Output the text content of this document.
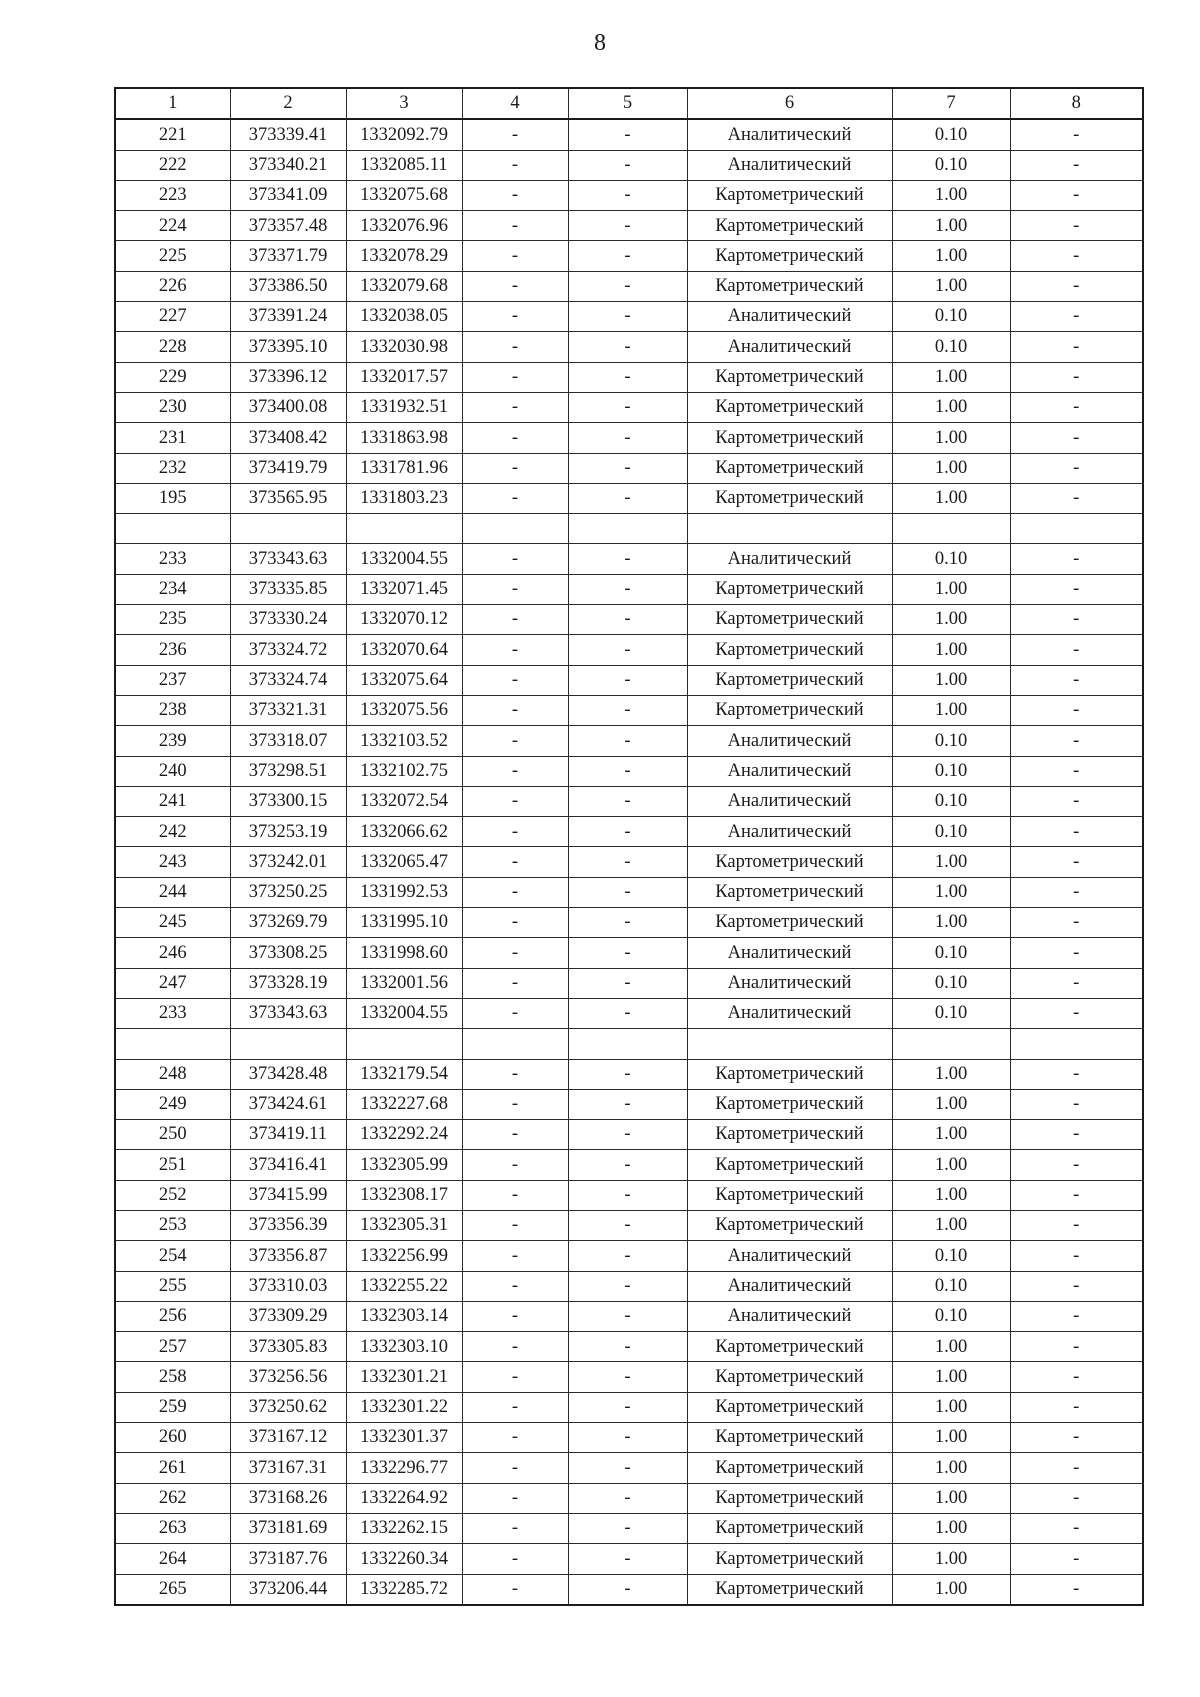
8
1	2	3	4	5	6	7	8
221	373339.41	1332092.79	-	-	Аналитический	0.10	-
222	373340.21	1332085.11	-	-	Аналитический	0.10	-
223	373341.09	1332075.68	-	-	Картометрический	1.00	-
224	373357.48	1332076.96	-	-	Картометрический	1.00	-
225	373371.79	1332078.29	-	-	Картометрический	1.00	-
226	373386.50	1332079.68	-	-	Картометрический	1.00	-
227	373391.24	1332038.05	-	-	Аналитический	0.10	-
228	373395.10	1332030.98	-	-	Аналитический	0.10	-
229	373396.12	1332017.57	-	-	Картометрический	1.00	-
230	373400.08	1331932.51	-	-	Картометрический	1.00	-
231	373408.42	1331863.98	-	-	Картометрический	1.00	-
232	373419.79	1331781.96	-	-	Картометрический	1.00	-
195	373565.95	1331803.23	-	-	Картометрический	1.00	-

233	373343.63	1332004.55	-	-	Аналитический	0.10	-
234	373335.85	1332071.45	-	-	Картометрический	1.00	-
235	373330.24	1332070.12	-	-	Картометрический	1.00	-
236	373324.72	1332070.64	-	-	Картометрический	1.00	-
237	373324.74	1332075.64	-	-	Картометрический	1.00	-
238	373321.31	1332075.56	-	-	Картометрический	1.00	-
239	373318.07	1332103.52	-	-	Аналитический	0.10	-
240	373298.51	1332102.75	-	-	Аналитический	0.10	-
241	373300.15	1332072.54	-	-	Аналитический	0.10	-
242	373253.19	1332066.62	-	-	Аналитический	0.10	-
243	373242.01	1332065.47	-	-	Картометрический	1.00	-
244	373250.25	1331992.53	-	-	Картометрический	1.00	-
245	373269.79	1331995.10	-	-	Картометрический	1.00	-
246	373308.25	1331998.60	-	-	Аналитический	0.10	-
247	373328.19	1332001.56	-	-	Аналитический	0.10	-
233	373343.63	1332004.55	-	-	Аналитический	0.10	-

248	373428.48	1332179.54	-	-	Картометрический	1.00	-
249	373424.61	1332227.68	-	-	Картометрический	1.00	-
250	373419.11	1332292.24	-	-	Картометрический	1.00	-
251	373416.41	1332305.99	-	-	Картометрический	1.00	-
252	373415.99	1332308.17	-	-	Картометрический	1.00	-
253	373356.39	1332305.31	-	-	Картометрический	1.00	-
254	373356.87	1332256.99	-	-	Аналитический	0.10	-
255	373310.03	1332255.22	-	-	Аналитический	0.10	-
256	373309.29	1332303.14	-	-	Аналитический	0.10	-
257	373305.83	1332303.10	-	-	Картометрический	1.00	-
258	373256.56	1332301.21	-	-	Картометрический	1.00	-
259	373250.62	1332301.22	-	-	Картометрический	1.00	-
260	373167.12	1332301.37	-	-	Картометрический	1.00	-
261	373167.31	1332296.77	-	-	Картометрический	1.00	-
262	373168.26	1332264.92	-	-	Картометрический	1.00	-
263	373181.69	1332262.15	-	-	Картометрический	1.00	-
264	373187.76	1332260.34	-	-	Картометрический	1.00	-
265	373206.44	1332285.72	-	-	Картометрический	1.00	-
